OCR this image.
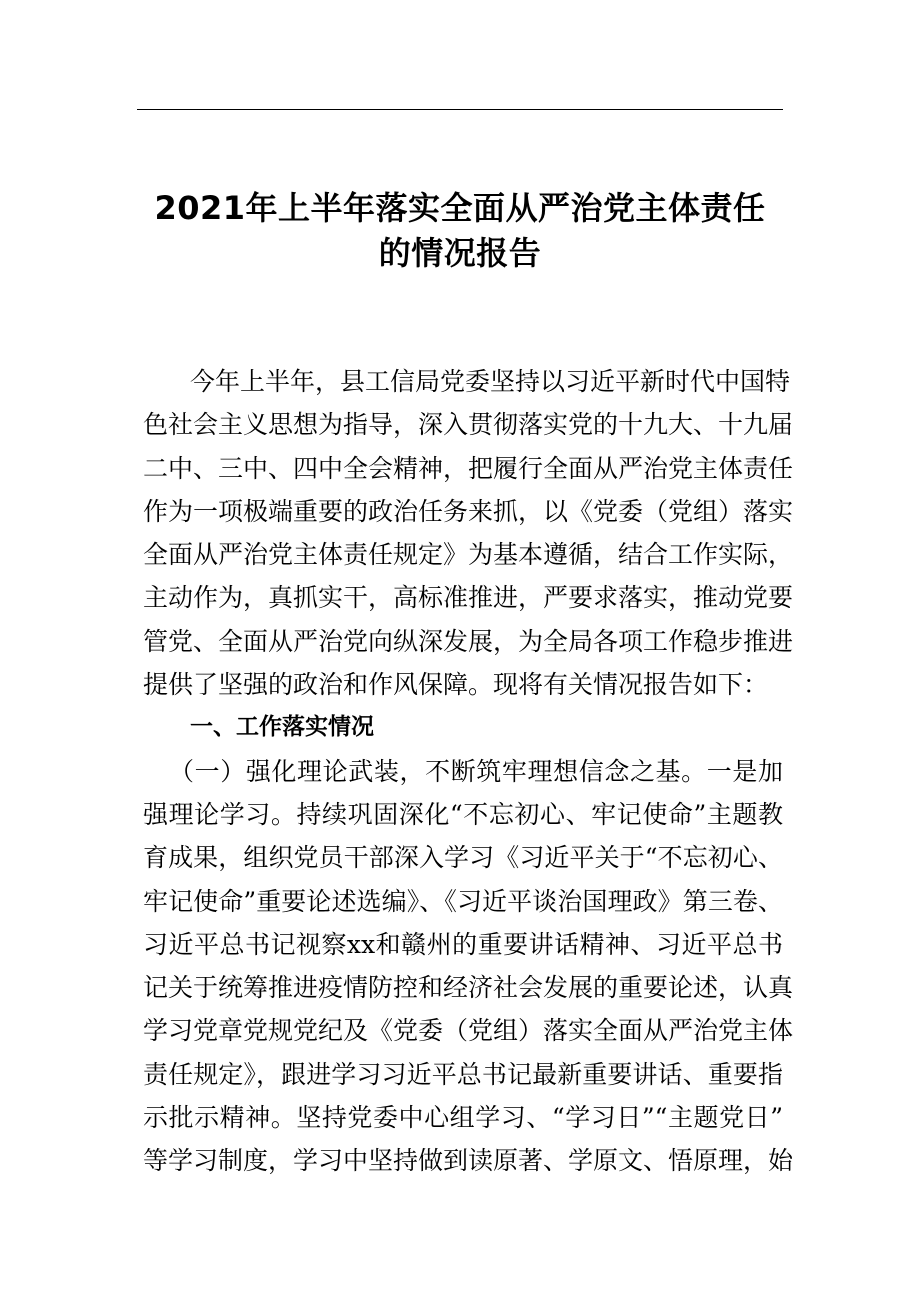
2021年上半年落实全面从严治党主体责任
的情况报告
今年上半年，县工信局党委坚持以习近平新时代中国特
色社会主义思想为指导，深入贯彻落实党的十九大、十九届
二中、三中、四中全会精神，把履行全面从严治党主体责任
作为一项极端重要的政治任务来抓，以《党委（党组）落实
全面从严治党主体责任规定》为基本遵循，结合工作实际，
主动作为，真抓实干，高标准推进，严要求落实，推动党要
管党、全面从严治党向纵深发展，为全局各项工作稳步推进
提供了坚强的政治和作风保障。现将有关情况报告如下：
一、工作落实情况
（一）强化理论武装，不断筑牢理想信念之基。一是加
强理论学习。持续巩固深化“不忘初心、牢记使命”主题教
育成果，组织党员干部深入学习《习近平关于“不忘初心、
牢记使命”重要论述选编》、《习近平谈治国理政》第三卷、
习近平总书记视察xx和赣州的重要讲话精神、习近平总书
记关于统筹推进疫情防控和经济社会发展的重要论述，认真
学习党章党规党纪及《党委（党组）落实全面从严治党主体
责任规定》，跟进学习习近平总书记最新重要讲话、重要指
示批示精神。坚持党委中心组学习、“学习日”“主题党日”
等学习制度，学习中坚持做到读原著、学原文、悟原理，始
